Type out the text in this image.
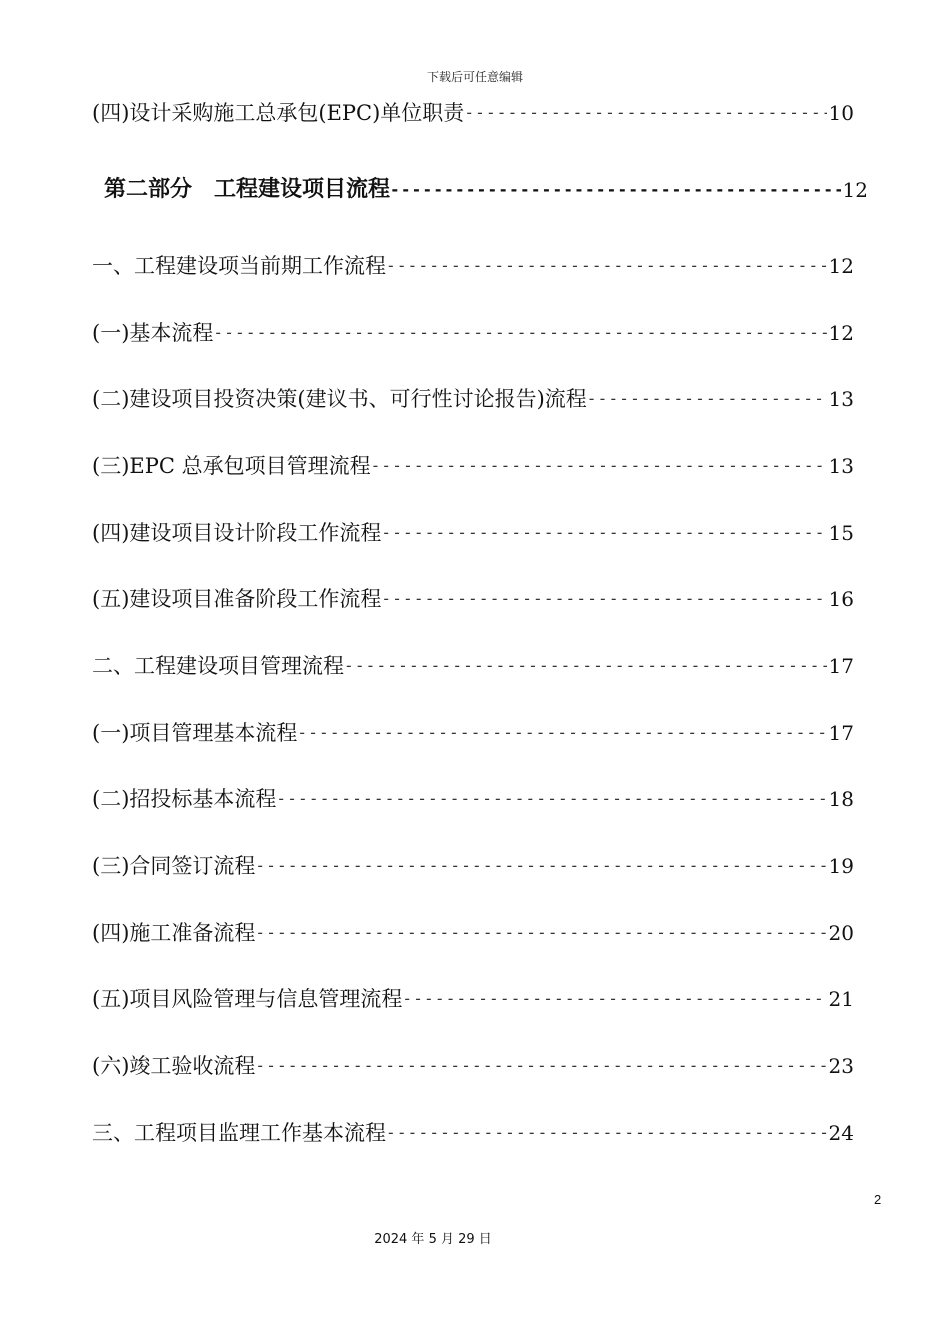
下载后可任意编辑
(四)设计采购施工总承包(EPC)单位职责 -----	10
第二部分　工程建设项目流程 -----	12
一、工程建设项当前期工作流程 -----	12
(一)基本流程 -----	12
(二)建设项目投资决策(建议书、可行性讨论报告)流程 -----	13
(三)EPC 总承包项目管理流程 -----	13
(四)建设项目设计阶段工作流程 -----	15
(五)建设项目准备阶段工作流程 -----	16
二、工程建设项目管理流程 -----	17
(一)项目管理基本流程 -----	17
(二)招投标基本流程 -----	18
(三)合同签订流程 -----	19
(四)施工准备流程 -----	20
(五)项目风险管理与信息管理流程 -----	21
(六)竣工验收流程 -----	23
三、工程项目监理工作基本流程 -----	24
2
2024 年 5 月 29 日
